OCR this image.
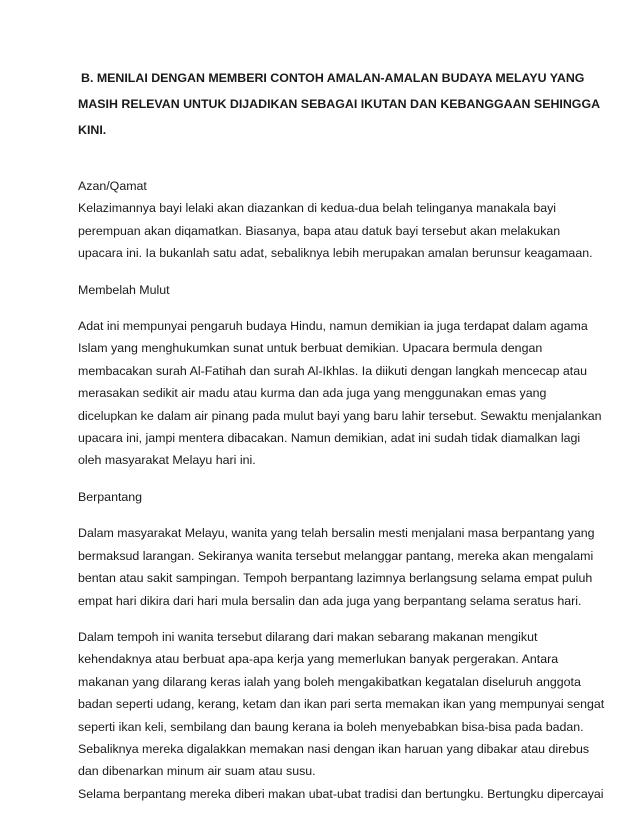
B. MENILAI DENGAN MEMBERI CONTOH AMALAN-AMALAN BUDAYA MELAYU YANG
MASIH RELEVAN UNTUK DIJADIKAN SEBAGAI IKUTAN DAN KEBANGGAAN SEHINGGA
KINI.
Azan/Qamat
Kelazimannya bayi lelaki akan diazankan di kedua-dua belah telinganya manakala bayi
perempuan akan diqamatkan. Biasanya, bapa atau datuk bayi tersebut akan melakukan
upacara ini. Ia bukanlah satu adat, sebaliknya lebih merupakan amalan berunsur keagamaan.
Membelah Mulut
Adat ini mempunyai pengaruh budaya Hindu, namun demikian ia juga terdapat dalam agama
Islam yang menghukumkan sunat untuk berbuat demikian. Upacara bermula dengan
membacakan surah Al-Fatihah dan surah Al-Ikhlas. Ia diikuti dengan langkah mencecap atau
merasakan sedikit air madu atau kurma dan ada juga yang menggunakan emas yang
dicelupkan ke dalam air pinang pada mulut bayi yang baru lahir tersebut. Sewaktu menjalankan
upacara ini, jampi mentera dibacakan. Namun demikian, adat ini sudah tidak diamalkan lagi
oleh masyarakat Melayu hari ini.
Berpantang
Dalam masyarakat Melayu, wanita yang telah bersalin mesti menjalani masa berpantang yang
bermaksud larangan. Sekiranya wanita tersebut melanggar pantang, mereka akan mengalami
bentan atau sakit sampingan. Tempoh berpantang lazimnya berlangsung selama empat puluh
empat hari dikira dari hari mula bersalin dan ada juga yang berpantang selama seratus hari.
Dalam tempoh ini wanita tersebut dilarang dari makan sebarang makanan mengikut
kehendaknya atau berbuat apa-apa kerja yang memerlukan banyak pergerakan. Antara
makanan yang dilarang keras ialah yang boleh mengakibatkan kegatalan diseluruh anggota
badan seperti udang, kerang, ketam dan ikan pari serta memakan ikan yang mempunyai sengat
seperti ikan keli, sembilang dan baung kerana ia boleh menyebabkan bisa-bisa pada badan.
Sebaliknya mereka digalakkan memakan nasi dengan ikan haruan yang dibakar atau direbus
dan dibenarkan minum air suam atau susu.
Selama berpantang mereka diberi makan ubat-ubat tradisi dan bertungku. Bertungku dipercayai
